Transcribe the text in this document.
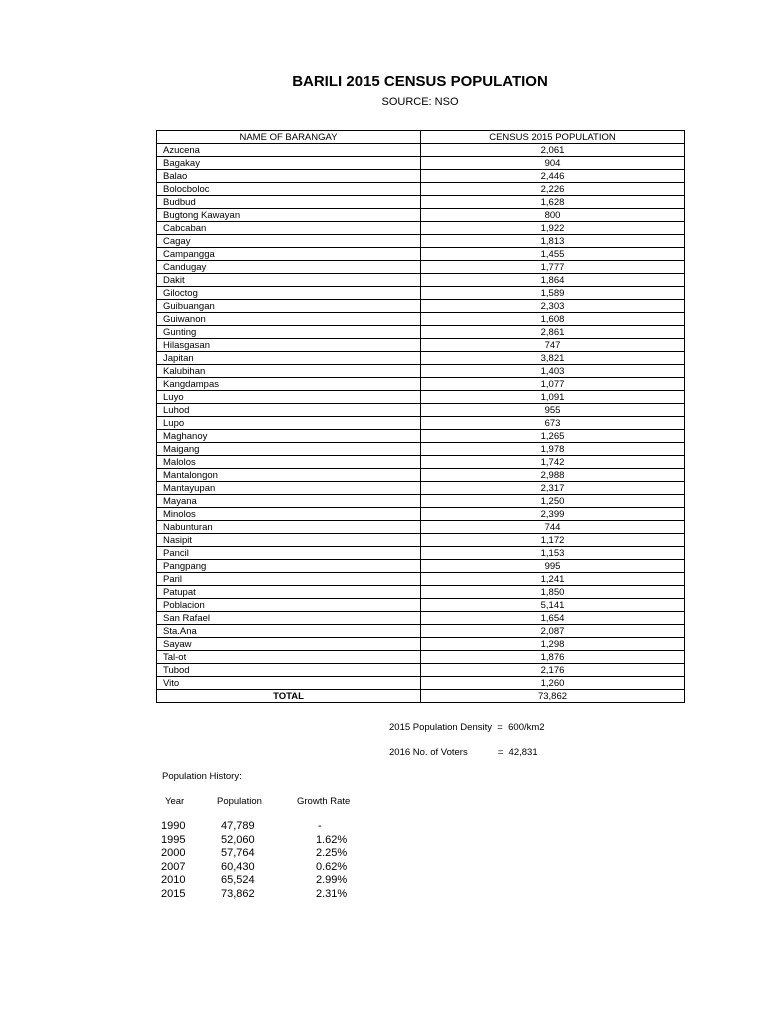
BARILI 2015 CENSUS POPULATION
SOURCE: NSO
NAME OF BARANGAY	CENSUS 2015 POPULATION
Azucena	2,061
Bagakay	904
Balao	2,446
Bolocboloc	2,226
Budbud	1,628
Bugtong Kawayan	800
Cabcaban	1,922
Cagay	1,813
Campangga	1,455
Candugay	1,777
Dakit	1,864
Giloctog	1,589
Guibuangan	2,303
Guiwanon	1,608
Gunting	2,861
Hilasgasan	747
Japitan	3,821
Kalubihan	1,403
Kangdampas	1,077
Luyo	1,091
Luhod	955
Lupo	673
Maghanoy	1,265
Maigang	1,978
Malolos	1,742
Mantalongon	2,988
Mantayupan	2,317
Mayana	1,250
Minolos	2,399
Nabunturan	744
Nasipit	1,172
Pancil	1,153
Pangpang	995
Paril	1,241
Patupat	1,850
Poblacion	5,141
San Rafael	1,654
Sta.Ana	2,087
Sayaw	1,298
Tal-ot	1,876
Tubod	2,176
Vito	1,260
TOTAL	73,862
2015 Population Density = 600/km2
2016 No. of Voters	= 42,831
Population History:
Year	Population	Growth Rate
1990	47,789	-
1995	52,060	1.62%
2000	57,764	2.25%
2007	60,430	0.62%
2010	65,524	2.99%
2015	73,862	2.31%
